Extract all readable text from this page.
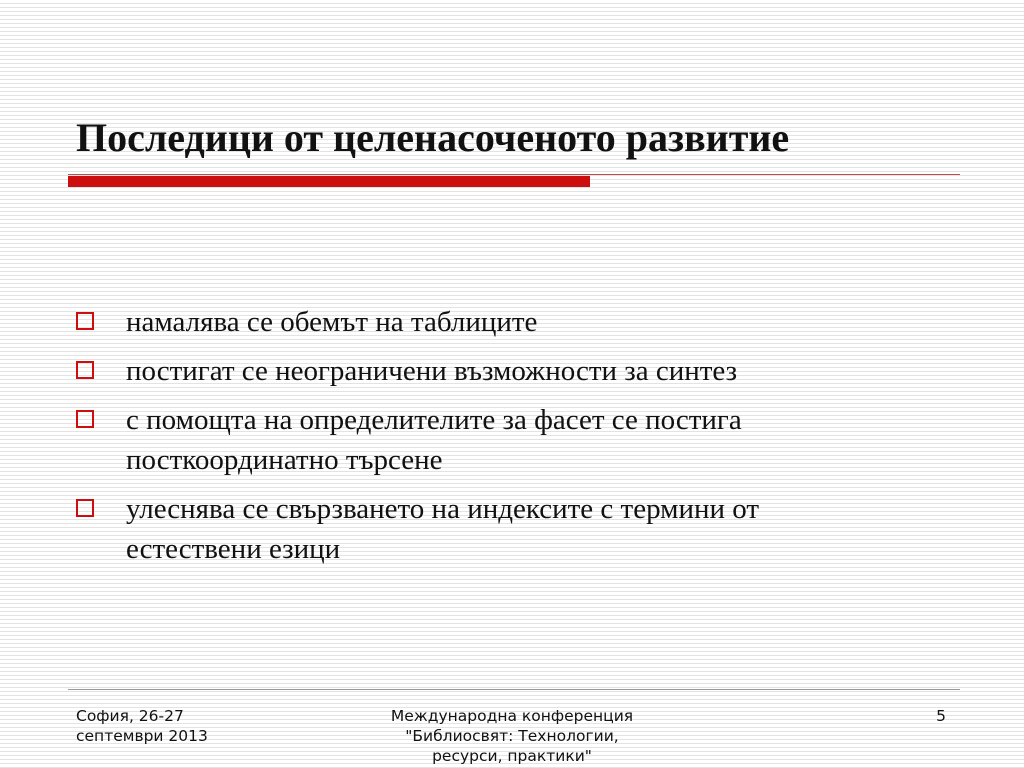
Последици от целенасоченото развитие
намалява се обемът на таблиците
постигат се неограничени възможности за синтез
с помощта на определителите за фасет се постига
посткоординатно търсене
улеснява се свързването на индексите с термини от
естествени езици
София, 26-27
септември 2013
Международна конференция
"Библиосвят: Технологии,
ресурси, практики"
5
